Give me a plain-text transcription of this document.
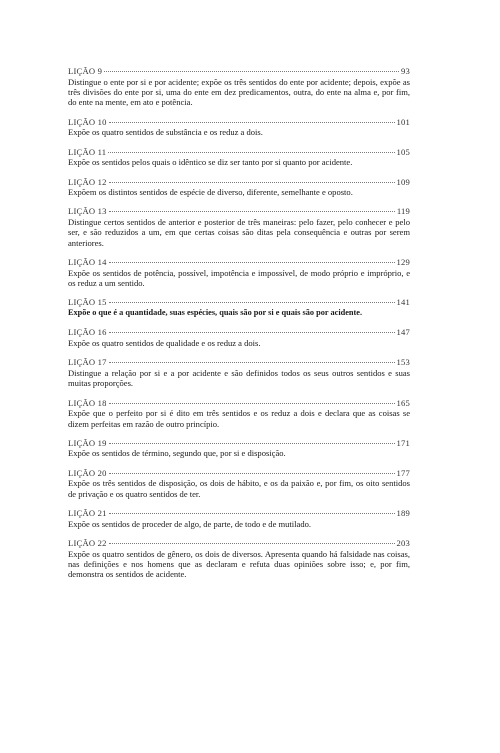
LIÇÃO 9	93

Distingue o ente por si e por acidente; expõe os três sentidos do ente por acidente; depois, expõe as três divisões do ente por si, uma do ente em dez predicamentos, outra, do ente na alma e, por fim, do ente na mente, em ato e potência.

LIÇÃO 10	101

Expõe os quatro sentidos de substância e os reduz a dois.

LIÇÃO 11	105

Expõe os sentidos pelos quais o idêntico se diz ser tanto por si quanto por acidente.

LIÇÃO 12	109

Expõem os distintos sentidos de espécie de diverso, diferente, semelhante e oposto.

LIÇÃO 13	119

Distingue certos sentidos de anterior e posterior de três maneiras: pelo fazer, pelo conhecer e pelo ser, e são reduzidos a um, em que certas coisas são ditas pela consequência e outras por serem anteriores.

LIÇÃO 14	129

Expõe os sentidos de potência, possível, impotência e impossível, de modo próprio e impróprio, e os reduz a um sentido.

LIÇÃO 15	141

Expõe o que é a quantidade, suas espécies, quais são por si e quais são por acidente.

LIÇÃO 16	147

Expõe os quatro sentidos de qualidade e os reduz a dois.

LIÇÃO 17	153

Distingue a relação por si e a por acidente e são definidos todos os seus outros sentidos e suas muitas proporções.

LIÇÃO 18	165

Expõe que o perfeito por si é dito em três sentidos e os reduz a dois e declara que as coisas se dizem perfeitas em razão de outro princípio.

LIÇÃO 19	171

Expõe os sentidos de término, segundo que, por si e disposição.

LIÇÃO 20	177

Expõe os três sentidos de disposição, os dois de hábito, e os da paixão e, por fim, os oito sentidos de privação e os quatro sentidos de ter.

LIÇÃO 21	189

Expõe os sentidos de proceder de algo, de parte, de todo e de mutilado.

LIÇÃO 22	203

Expõe os quatro sentidos de gênero, os dois de diversos. Apresenta quando há falsidade nas coisas, nas definições e nos homens que as declaram e refuta duas opiniões sobre isso; e, por fim, demonstra os sentidos de acidente.
